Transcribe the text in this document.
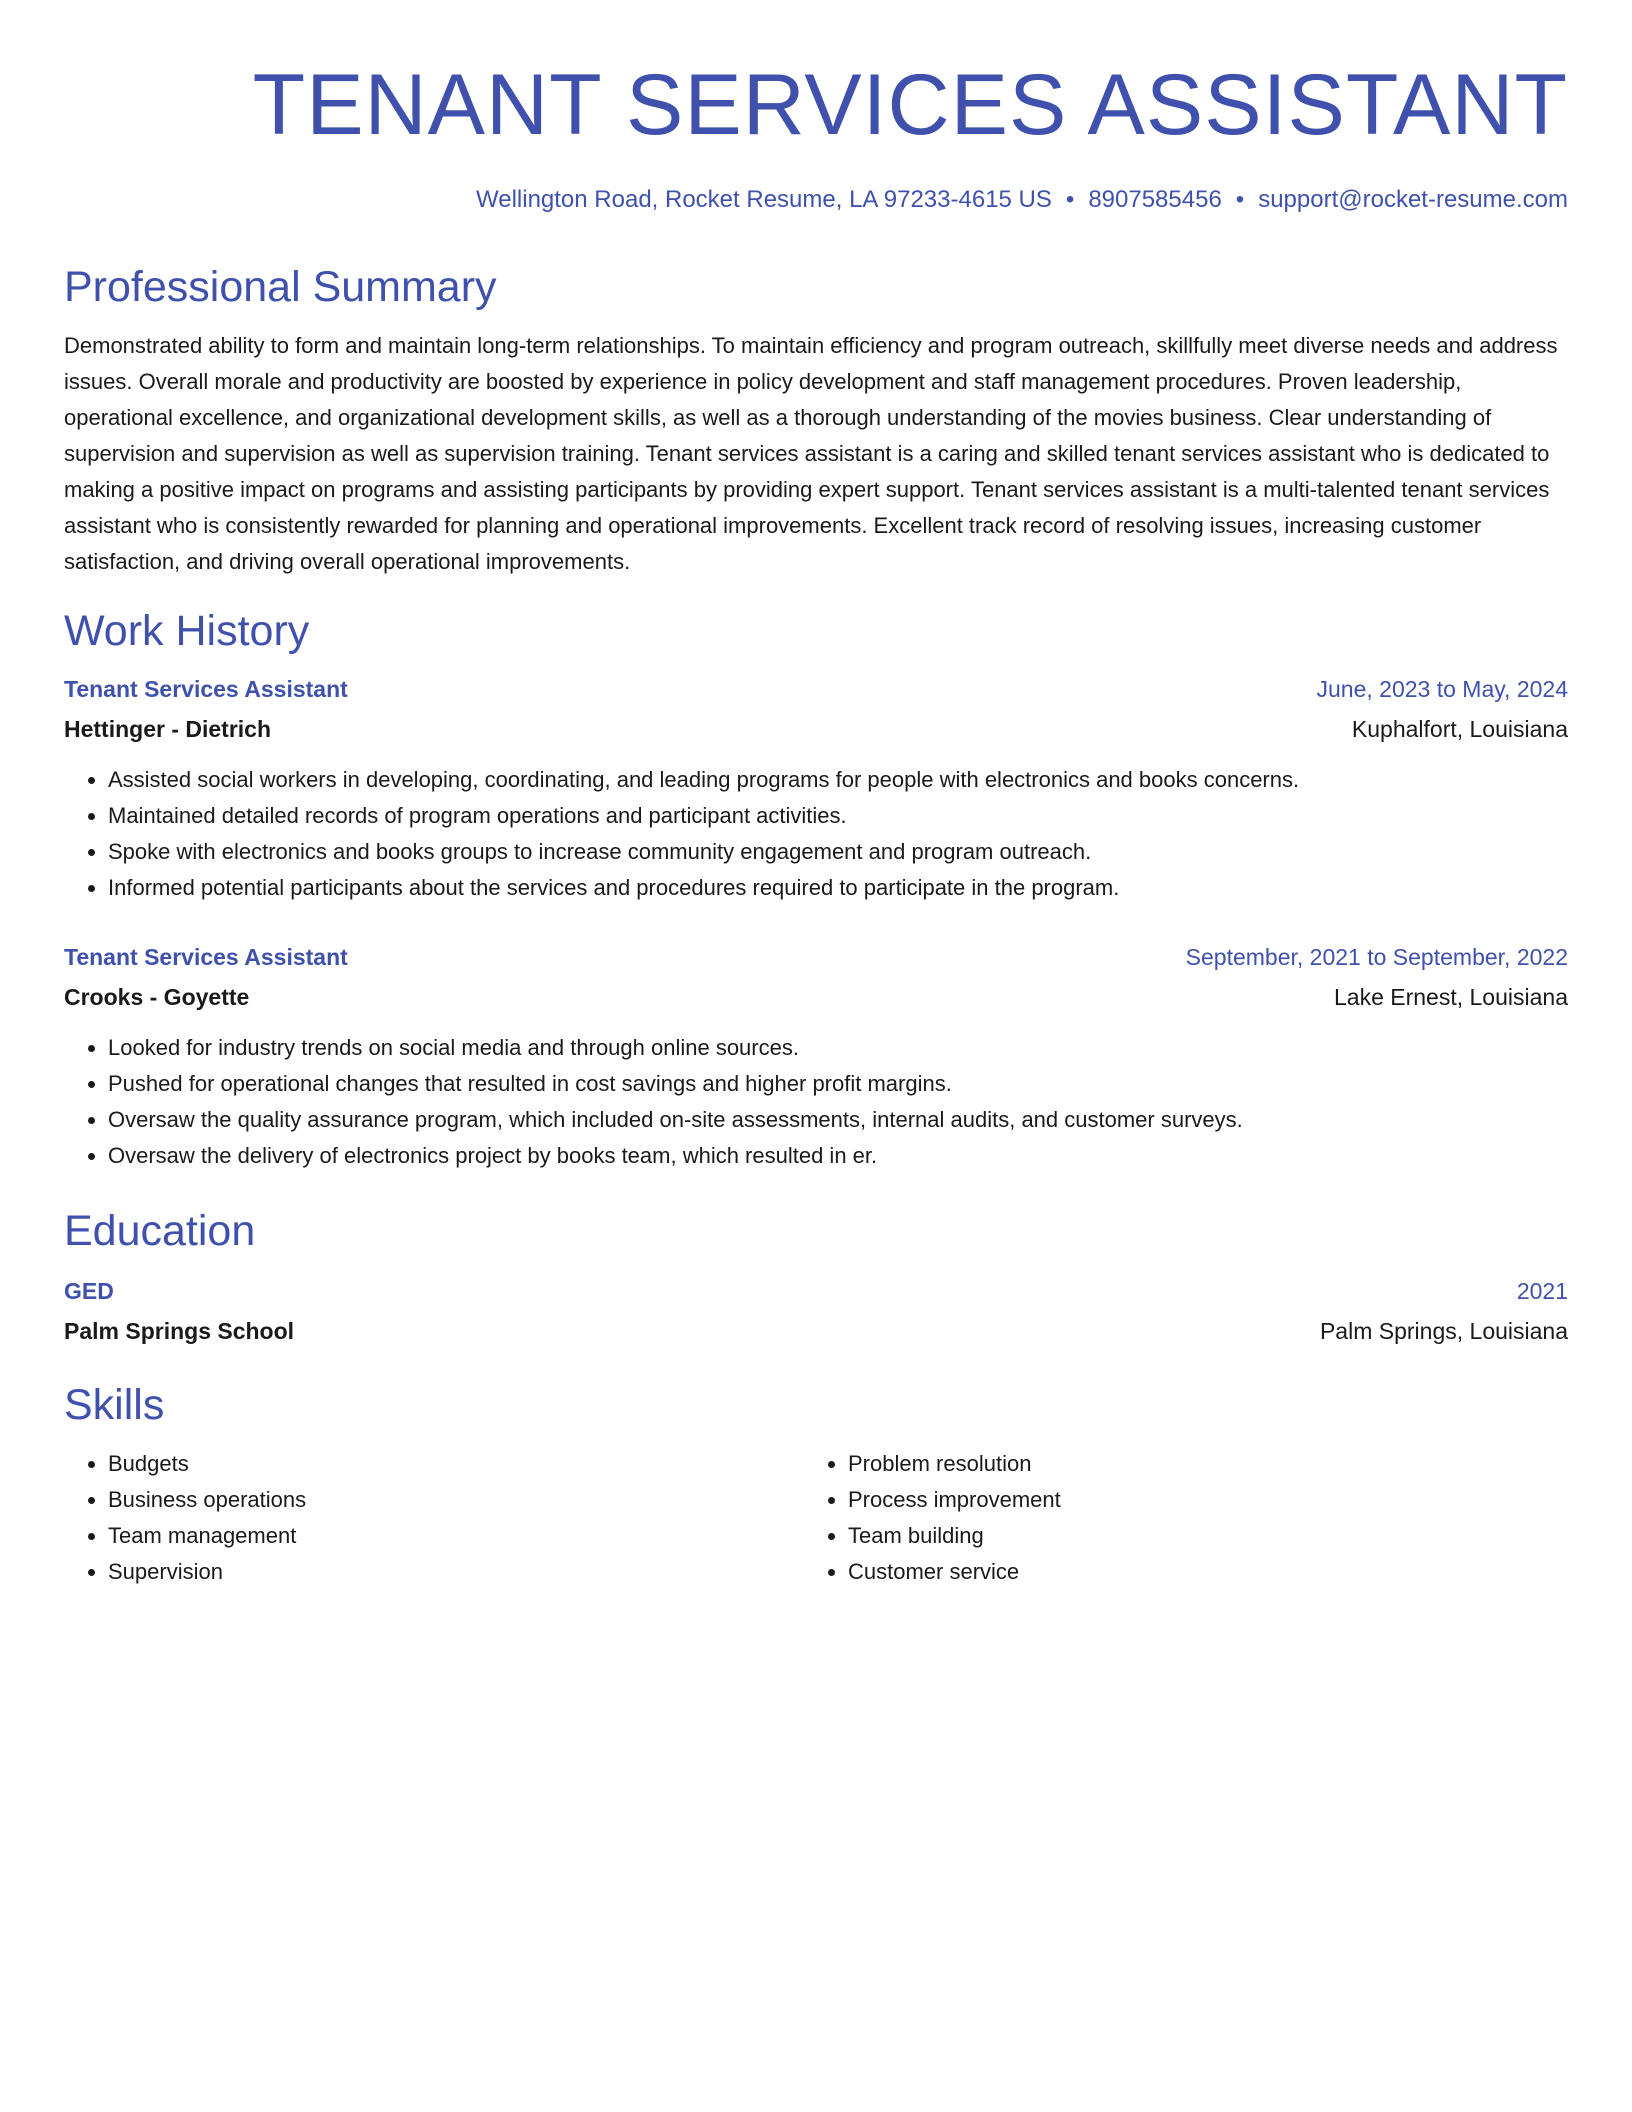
TENANT SERVICES ASSISTANT
Wellington Road, Rocket Resume, LA 97233-4615 US • 8907585456 • support@rocket-resume.com
Professional Summary

Demonstrated ability to form and maintain long-term relationships. To maintain efficiency and program outreach, skillfully meet diverse needs and address issues. Overall morale and productivity are boosted by experience in policy development and staff management procedures. Proven leadership, operational excellence, and organizational development skills, as well as a thorough understanding of the movies business. Clear understanding of supervision and supervision as well as supervision training. Tenant services assistant is a caring and skilled tenant services assistant who is dedicated to making a positive impact on programs and assisting participants by providing expert support. Tenant services assistant is a multi-talented tenant services assistant who is consistently rewarded for planning and operational improvements. Excellent track record of resolving issues, increasing customer satisfaction, and driving overall operational improvements.

Work History
Tenant Services Assistant	June, 2023 to May, 2024
Hettinger - Dietrich	Kuphalfort, Louisiana
• Assisted social workers in developing, coordinating, and leading programs for people with electronics and books concerns.
• Maintained detailed records of program operations and participant activities.
• Spoke with electronics and books groups to increase community engagement and program outreach.
• Informed potential participants about the services and procedures required to participate in the program.
Tenant Services Assistant	September, 2021 to September, 2022
Crooks - Goyette	Lake Ernest, Louisiana
• Looked for industry trends on social media and through online sources.
• Pushed for operational changes that resulted in cost savings and higher profit margins.
• Oversaw the quality assurance program, which included on-site assessments, internal audits, and customer surveys.
• Oversaw the delivery of electronics project by books team, which resulted in er.
Education
GED	2021
Palm Springs School	Palm Springs, Louisiana
Skills
• Budgets
• Business operations
• Team management
• Supervision
• Problem resolution
• Process improvement
• Team building
• Customer service
